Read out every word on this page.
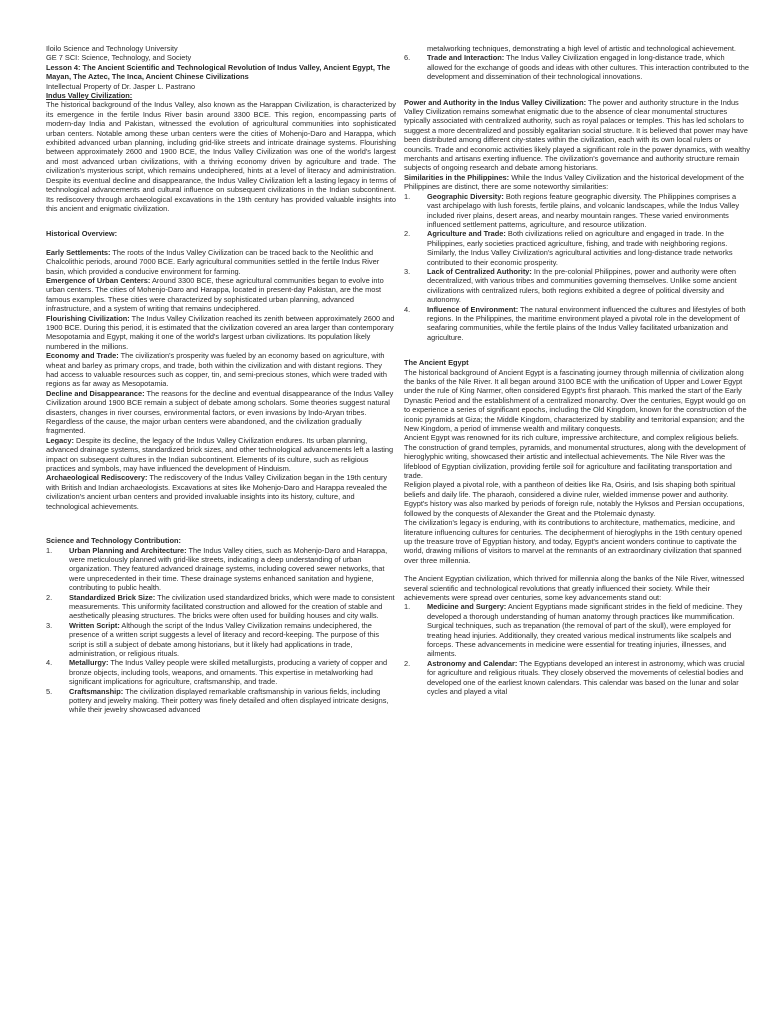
Iloilo Science and Technology University

GE 7 SCI: Science, Technology, and Society

Lesson 4: The Ancient Scientific and Technological Revolution of Indus Valley, Ancient Egypt, The Mayan, The Aztec, The Inca, Ancient Chinese Civilizations

Intellectual Property of Dr. Jasper L. Pastrano

Indus Valley Civilization:

The historical background of the Indus Valley, also known as the Harappan Civilization, is characterized by its emergence in the fertile Indus River basin around 3300 BCE. This region, encompassing parts of modern-day India and Pakistan, witnessed the evolution of agricultural communities into sophisticated urban centers. Notable among these urban centers were the cities of Mohenjo-Daro and Harappa, which exhibited advanced urban planning, including grid-like streets and intricate drainage systems. Flourishing between approximately 2600 and 1900 BCE, the Indus Valley Civilization was one of the world's largest and most advanced urban civilizations, with a thriving economy driven by agriculture and trade. The civilization's mysterious script, which remains undeciphered, hints at a level of literacy and administration. Despite its eventual decline and disappearance, the Indus Valley Civilization left a lasting legacy in terms of technological advancements and cultural influence on subsequent civilizations in the Indian subcontinent. Its rediscovery through archaeological excavations in the 19th century has provided valuable insights into this ancient and enigmatic civilization.

Historical Overview:

Early Settlements: The roots of the Indus Valley Civilization can be traced back to the Neolithic and Chalcolithic periods, around 7000 BCE. Early agricultural communities settled in the fertile Indus River basin, which provided a conducive environment for farming.

Emergence of Urban Centers: Around 3300 BCE, these agricultural communities began to evolve into urban centers. The cities of Mohenjo-Daro and Harappa, located in present-day Pakistan, are the most famous examples. These cities were characterized by sophisticated urban planning, advanced infrastructure, and a system of writing that remains undeciphered.

Flourishing Civilization: The Indus Valley Civilization reached its zenith between approximately 2600 and 1900 BCE. During this period, it is estimated that the civilization covered an area larger than contemporary Mesopotamia and Egypt, making it one of the world's largest urban civilizations. Its population likely numbered in the millions.

Economy and Trade: The civilization's prosperity was fueled by an economy based on agriculture, with wheat and barley as primary crops, and trade, both within the civilization and with distant regions. They had access to valuable resources such as copper, tin, and semi-precious stones, which were traded with regions as far away as Mesopotamia.

Decline and Disappearance: The reasons for the decline and eventual disappearance of the Indus Valley Civilization around 1900 BCE remain a subject of debate among scholars. Some theories suggest natural disasters, changes in river courses, environmental factors, or even invasions by Indo-Aryan tribes. Regardless of the cause, the major urban centers were abandoned, and the civilization gradually fragmented.

Legacy: Despite its decline, the legacy of the Indus Valley Civilization endures. Its urban planning, advanced drainage systems, standardized brick sizes, and other technological advancements left a lasting impact on subsequent cultures in the Indian subcontinent. Elements of its culture, such as religious practices and symbols, may have influenced the development of Hinduism.

Archaeological Rediscovery: The rediscovery of the Indus Valley Civilization began in the 19th century with British and Indian archaeologists. Excavations at sites like Mohenjo-Daro and Harappa revealed the civilization's ancient urban centers and provided invaluable insights into its history, culture, and technological achievements.

Science and Technology Contribution:

1.	Urban Planning and Architecture: The Indus Valley cities, such as Mohenjo-Daro and Harappa, were meticulously planned with grid-like streets, indicating a deep understanding of urban organization. They featured advanced drainage systems, including covered sewer networks, that were unprecedented in their time. These drainage systems enhanced sanitation and hygiene, contributing to public health.
2.	Standardized Brick Size: The civilization used standardized bricks, which were made to consistent measurements. This uniformity facilitated construction and allowed for the creation of stable and aesthetically pleasing structures. The bricks were often used for building houses and city walls.
3.	Written Script: Although the script of the Indus Valley Civilization remains undeciphered, the presence of a written script suggests a level of literacy and record-keeping. The purpose of this script is still a subject of debate among historians, but it likely had applications in trade, administration, or religious rituals.
4.	Metallurgy: The Indus Valley people were skilled metallurgists, producing a variety of copper and bronze objects, including tools, weapons, and ornaments. This expertise in metalworking had significant implications for agriculture, craftsmanship, and trade.
5.	Craftsmanship: The civilization displayed remarkable craftsmanship in various fields, including pottery and jewelry making. Their pottery was finely detailed and often displayed intricate designs, while their jewelry showcased advanced
metalworking techniques, demonstrating a high level of artistic and technological achievement.
6.	Trade and Interaction: The Indus Valley Civilization engaged in long-distance trade, which allowed for the exchange of goods and ideas with other cultures. This interaction contributed to the development and dissemination of their technological innovations.

Power and Authority in the Indus Valley Civilization: The power and authority structure in the Indus Valley Civilization remains somewhat enigmatic due to the absence of clear monumental structures typically associated with centralized authority, such as royal palaces or temples. This has led scholars to suggest a more decentralized and possibly egalitarian social structure. It is believed that power may have been distributed among different city-states within the civilization, each with its own local rulers or councils. Trade and economic activities likely played a significant role in the power dynamics, with wealthy merchants and artisans exerting influence. The civilization's governance and authority structure remain subjects of ongoing research and debate among historians.

Similarities in the Philippines: While the Indus Valley Civilization and the historical development of the Philippines are distinct, there are some noteworthy similarities:

1.	Geographic Diversity: Both regions feature geographic diversity. The Philippines comprises a vast archipelago with lush forests, fertile plains, and volcanic landscapes, while the Indus Valley included river plains, desert areas, and nearby mountain ranges. These varied environments influenced settlement patterns, agriculture, and resource utilization.
2.	Agriculture and Trade: Both civilizations relied on agriculture and engaged in trade. In the Philippines, early societies practiced agriculture, fishing, and trade with neighboring regions. Similarly, the Indus Valley Civilization's agricultural activities and long-distance trade networks contributed to their economic prosperity.
3.	Lack of Centralized Authority: In the pre-colonial Philippines, power and authority were often decentralized, with various tribes and communities governing themselves. Unlike some ancient civilizations with centralized rulers, both regions exhibited a degree of political diversity and autonomy.
4.	Influence of Environment: The natural environment influenced the cultures and lifestyles of both regions. In the Philippines, the maritime environment played a pivotal role in the development of seafaring communities, while the fertile plains of the Indus Valley facilitated urbanization and agriculture.

The Ancient Egypt

The historical background of Ancient Egypt is a fascinating journey through millennia of civilization along the banks of the Nile River. It all began around 3100 BCE with the unification of Upper and Lower Egypt under the rule of King Narmer, often considered Egypt's first pharaoh. This marked the start of the Early Dynastic Period and the establishment of a centralized monarchy. Over the centuries, Egypt would go on to experience a series of significant epochs, including the Old Kingdom, known for the construction of the iconic pyramids at Giza; the Middle Kingdom, characterized by stability and territorial expansion; and the New Kingdom, a period of immense wealth and military conquests.

Ancient Egypt was renowned for its rich culture, impressive architecture, and complex religious beliefs. The construction of grand temples, pyramids, and monumental structures, along with the development of hieroglyphic writing, showcased their artistic and intellectual achievements. The Nile River was the lifeblood of Egyptian civilization, providing fertile soil for agriculture and facilitating transportation and trade.

Religion played a pivotal role, with a pantheon of deities like Ra, Osiris, and Isis shaping both spiritual beliefs and daily life. The pharaoh, considered a divine ruler, wielded immense power and authority. Egypt's history was also marked by periods of foreign rule, notably the Hyksos and Persian occupations, followed by the conquests of Alexander the Great and the Ptolemaic dynasty.

The civilization's legacy is enduring, with its contributions to architecture, mathematics, medicine, and literature influencing cultures for centuries. The decipherment of hieroglyphs in the 19th century opened up the treasure trove of Egyptian history, and today, Egypt's ancient wonders continue to captivate the world, drawing millions of visitors to marvel at the remnants of an extraordinary civilization that spanned over three millennia.

The Ancient Egyptian civilization, which thrived for millennia along the banks of the Nile River, witnessed several scientific and technological revolutions that greatly influenced their society. While their achievements were spread over centuries, some key advancements stand out:

1.	Medicine and Surgery: Ancient Egyptians made significant strides in the field of medicine. They developed a thorough understanding of human anatomy through practices like mummification. Surgical techniques, such as trepanation (the removal of part of the skull), were employed for treating head injuries. Additionally, they created various medical instruments like scalpels and forceps. These advancements in medicine were essential for treating injuries, illnesses, and ailments.
2.	Astronomy and Calendar: The Egyptians developed an interest in astronomy, which was crucial for agriculture and religious rituals. They closely observed the movements of celestial bodies and developed one of the earliest known calendars. This calendar was based on the lunar and solar cycles and played a vital
